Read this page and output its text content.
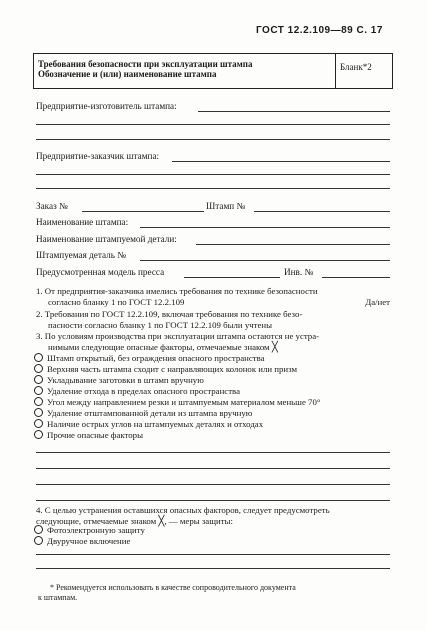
ГОСТ 12.2.109—89 С. 17
Требования безопасности при эксплуатации штампа
Обозначение и (или) наименование штампа
Бланк*2
Предприятие-изготовитель штампа:
Предприятие-заказчик штампа:
Заказ №	Штамп №
Наименование штампа:
Наименование штампуемой детали:
Штампуемая деталь №
Предусмотренная модель пресса	Инв. №
1. От предприятия-заказчика имелись требования по технике безопасности
согласно бланку 1 по ГОСТ 12.2.109	Да/нет
2. Требования по ГОСТ 12.2.109, включая требования по технике безо-
пасности согласно бланку 1 по ГОСТ 12.2.109 были учтены
3. По условиям производства при эксплуатации штампа остаются не устра-
нимыми следующие опасные факторы, отмечаемые знаком ╳
Штамп открытый, без ограждения опасного пространства
Верхняя часть штампа сходит с направляющих колонок или призм
Укладывание заготовки в штамп вручную
Удаление отхода в пределах опасного пространства
Угол между направлением резки и штампуемым материалом меньше 70°
Удаление отштампованной детали из штампа вручную
Наличие острых углов на штампуемых деталях и отходах
Прочие опасные факторы
4. С целью устранения оставшихся опасных факторов, следует предусмотреть
следующие, отмечаемые знаком ╳, — меры защиты:
Фотоэлектронную защиту
Двуручное включение
* Рекомендуется использовать в качестве сопроводительного документа
к штампам.
